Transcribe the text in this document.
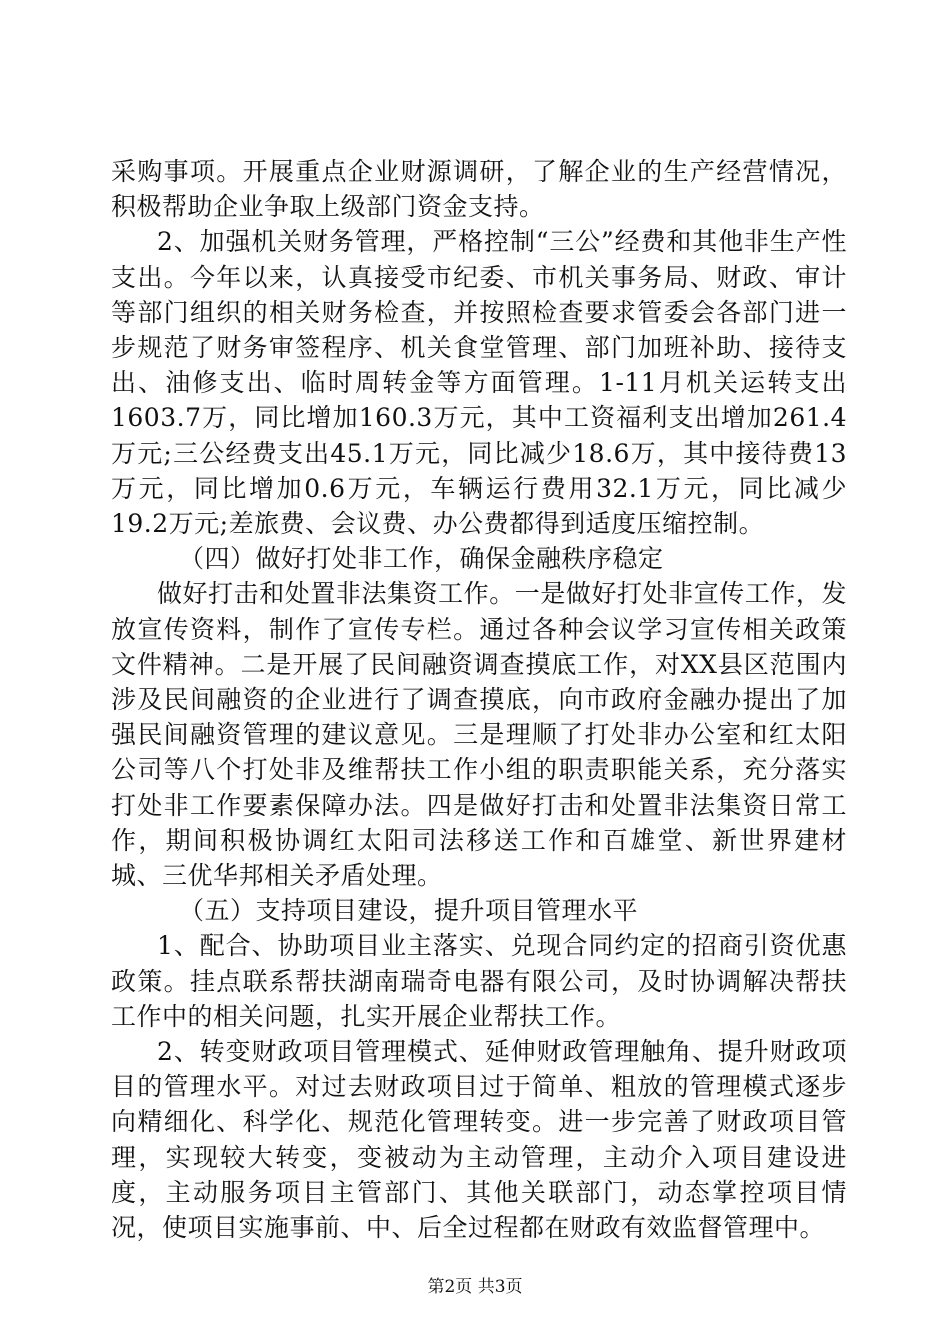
采购事项。开展重点企业财源调研，了解企业的生产经营情况，积极帮助企业争取上级部门资金支持。

2、加强机关财务管理，严格控制“三公”经费和其他非生产性支出。今年以来，认真接受市纪委、市机关事务局、财政、审计等部门组织的相关财务检查，并按照检查要求管委会各部门进一步规范了财务审签程序、机关食堂管理、部门加班补助、接待支出、油修支出、临时周转金等方面管理。1-11月机关运转支出1603.7万，同比增加160.3万元，其中工资福利支出增加261.4万元;三公经费支出45.1万元，同比减少18.6万，其中接待费13万元，同比增加0.6万元，车辆运行费用32.1万元，同比减少19.2万元;差旅费、会议费、办公费都得到适度压缩控制。

（四）做好打处非工作，确保金融秩序稳定

做好打击和处置非法集资工作。一是做好打处非宣传工作，发放宣传资料，制作了宣传专栏。通过各种会议学习宣传相关政策文件精神。二是开展了民间融资调查摸底工作，对XX县区范围内涉及民间融资的企业进行了调查摸底，向市政府金融办提出了加强民间融资管理的建议意见。三是理顺了打处非办公室和红太阳公司等八个打处非及维帮扶工作小组的职责职能关系，充分落实打处非工作要素保障办法。四是做好打击和处置非法集资日常工作，期间积极协调红太阳司法移送工作和百雄堂、新世界建材城、三优华邦相关矛盾处理。

（五）支持项目建设，提升项目管理水平

1、配合、协助项目业主落实、兑现合同约定的招商引资优惠政策。挂点联系帮扶湖南瑞奇电器有限公司，及时协调解决帮扶工作中的相关问题，扎实开展企业帮扶工作。

2、转变财政项目管理模式、延伸财政管理触角、提升财政项目的管理水平。对过去财政项目过于简单、粗放的管理模式逐步向精细化、科学化、规范化管理转变。进一步完善了财政项目管理，实现较大转变，变被动为主动管理，主动介入项目建设进度，主动服务项目主管部门、其他关联部门，动态掌控项目情况，使项目实施事前、中、后全过程都在财政有效监督管理中。

第2页 共3页
